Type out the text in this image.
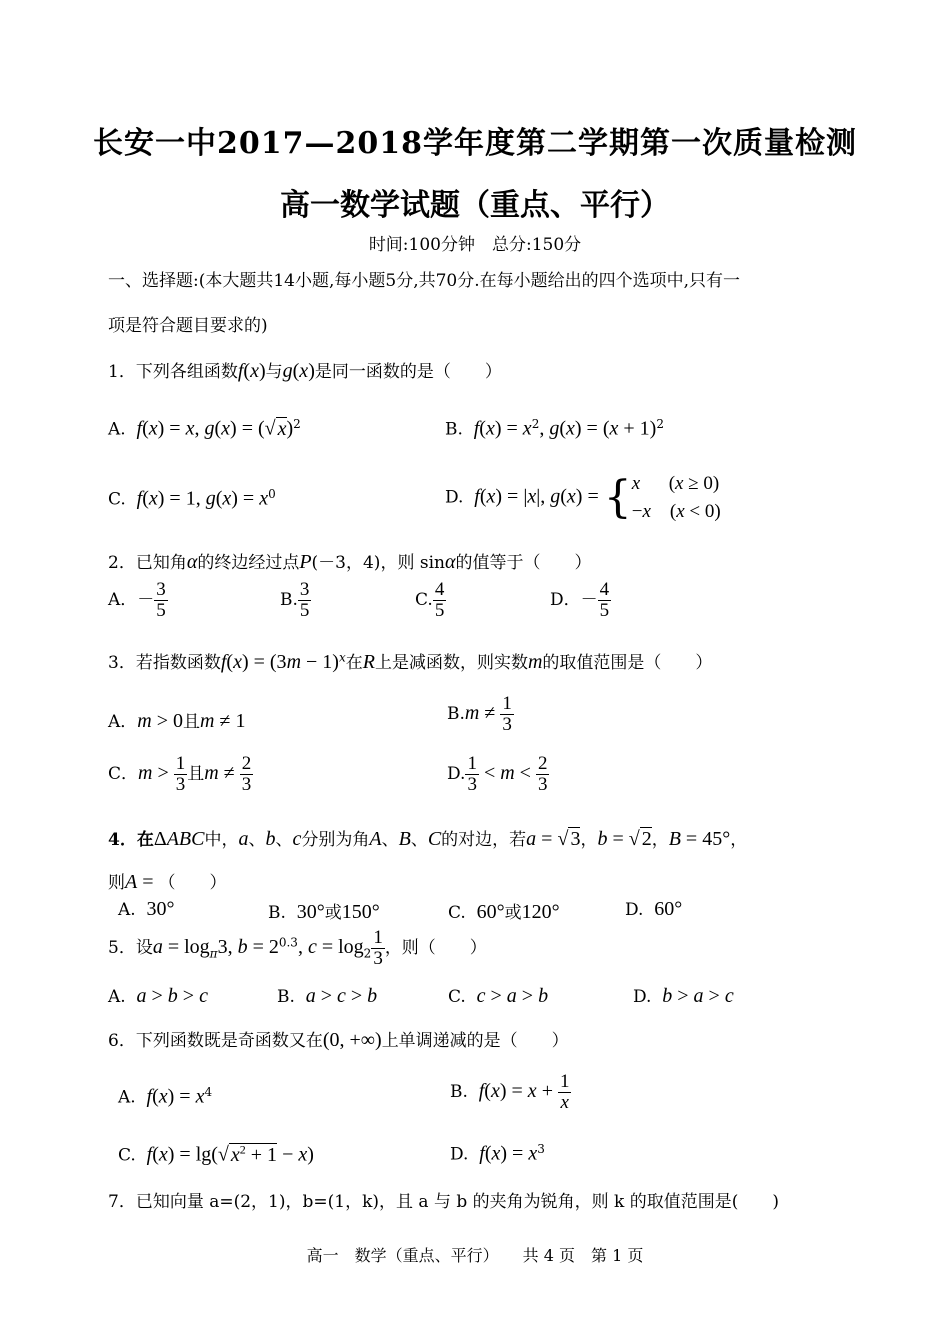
长安一中2017—2018学年度第二学期第一次质量检测
高一数学试题（重点、平行）
时间:100分钟　总分:150分
一、选择题:(本大题共14小题,每小题5分,共70分.在每小题给出的四个选项中,只有一
项是符合题目要求的)
1．下列各组函数f(x)与g(x)是同一函数的是（　　）
A. f(x) = x, g(x) = (√ x)$^2$	B. $f(x) = x^2$, $g(x) = (x + 1)^2$
C. f(x) = 1, $g(x) = x^0$	D. f(x) = |x|, g(x) = {x      (x ≥ 0)
−x    (x < 0)
2．已知角α的终边经过点P(－3，4)，则 sinα的值等于（　　）
A．－ $\frac{3}{5}$	B. $\frac{3}{5}$	C. $\frac{4}{5}$	D．－ $\frac{4}{5}$
3．若指数函数$f(x) = (3m - 1)^x$在R上是减函数，则实数m的取值范围是（　　）
A．m > 0且m ≠ 1	$B.m \ne \frac{1}{3}$
C．$m > \frac{1}{3}$ 且$m \ne \frac{2}{3}$	D. $\frac{1}{3} < m < \frac{2}{3}$
4．在ΔABC中，a、b、c分别为角A、B、C的对边，若a = √ 3，b = √ 2，B = 45°，
则A = （　　）
A. 30°	B. 30°或150°	C. 60°或120°	D. 60°
5．设$a = \log_\pi 3$, $b = 2^{0.3}$, $c = \log_2 \frac{1}{3}$ ，则（　　）
A. a > b > c	B. a > c > b	C. c > a > b	D. b > a > c
6．下列函数既是奇函数又在(0, +∞)上单调递减的是（　　）
A. $f(x) = x^4$	B. $f(x) = x + \frac{1}{x}$
C. f(x) = lg(√ $x^2 + 1 - x$)	D. $f(x) = x^3$
7．已知向量 a=(2，1)，b=(1，k)，且 a 与 b 的夹角为锐角，则 k 的取值范围是(　　)
高一　数学（重点、平行）　　共 4 页　第 1 页
